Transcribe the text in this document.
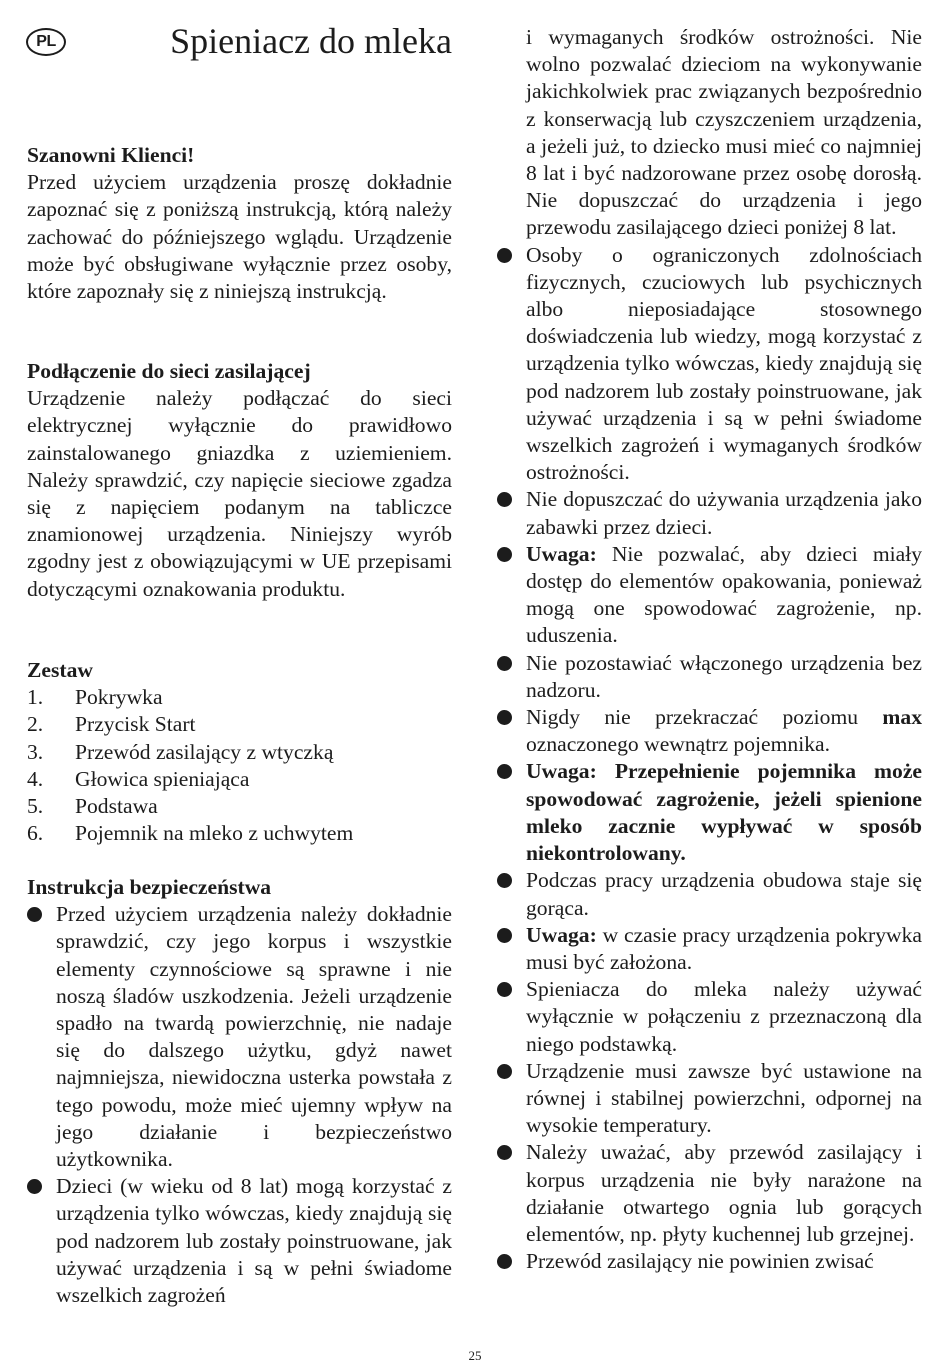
PL	Spieniacz do mleka

Szanowni Klienci!

Przed użyciem urządzenia proszę dokładnie zapoznać się z poniższą instrukcją, którą należy zachować do późniejszego wglądu. Urządzenie może być obsługiwane wyłącznie przez osoby, które zapoznały się z niniejszą instrukcją.

Podłączenie do sieci zasilającej

Urządzenie należy podłączać do sieci elektrycznej wyłącznie do prawidłowo zainstalowanego gniazdka z uziemieniem. Należy sprawdzić, czy napięcie sieciowe zgadza się z napięciem podanym na tabliczce znamionowej urządzenia. Niniejszy wyrób zgodny jest z obowiązującymi w UE przepisami dotyczącymi oznakowania produktu.

Zestaw

1.	Pokrywka
2.	Przycisk Start
3.	Przewód zasilający z wtyczką
4.	Głowica spieniająca
5.	Podstawa
6.	Pojemnik na mleko z uchwytem

Instrukcja bezpieczeństwa

Przed użyciem urządzenia należy dokładnie sprawdzić, czy jego korpus i wszystkie elementy czynnościowe są sprawne i nie noszą śladów uszkodzenia. Jeżeli urządzenie spadło na twardą powierzchnię, nie nadaje się do dalszego użytku, gdyż nawet najmniejsza, niewidoczna usterka powstała z tego powodu, może mieć ujemny wpływ na jego działanie i bezpieczeństwo użytkownika.
Dzieci (w wieku od 8 lat) mogą korzystać z urządzenia tylko wówczas, kiedy znajdują się pod nadzorem lub zostały poinstruowane, jak używać urządzenia i są w pełni świadome wszelkich zagrożeń
i wymaganych środków ostrożności. Nie wolno pozwalać dzieciom na wykonywanie jakichkolwiek prac związanych bezpośrednio z konserwacją lub czyszczeniem urządzenia, a jeżeli już, to dziecko musi mieć co najmniej 8 lat i być nadzorowane przez osobę dorosłą. Nie dopuszczać do urządzenia i jego przewodu zasilającego dzieci poniżej 8 lat.
Osoby o ograniczonych zdolnościach fizycznych, czuciowych lub psychicznych albo nieposiadające stosownego doświadczenia lub wiedzy, mogą korzystać z urządzenia tylko wówczas, kiedy znajdują się pod nadzorem lub zostały poinstruowane, jak używać urządzenia i są w pełni świadome wszelkich zagrożeń i wymaganych środków ostrożności.
Nie dopuszczać do używania urządzenia jako zabawki przez dzieci.
Uwaga: Nie pozwalać, aby dzieci miały dostęp do elementów opakowania, ponieważ mogą one spowodować zagrożenie, np. uduszenia.
Nie pozostawiać włączonego urządzenia bez nadzoru.
Nigdy nie przekraczać poziomu max oznaczonego wewnątrz pojemnika.
Uwaga: Przepełnienie pojemnika może spowodować zagrożenie, jeżeli spienione mleko zacznie wypływać w sposób niekontrolowany.
Podczas pracy urządzenia obudowa staje się gorąca.
Uwaga: w czasie pracy urządzenia pokrywka musi być założona.
Spieniacza do mleka należy używać wyłącznie w połączeniu z przeznaczoną dla niego podstawką.
Urządzenie musi zawsze być ustawione na równej i stabilnej powierzchni, odpornej na wysokie temperatury.
Należy uważać, aby przewód zasilający i korpus urządzenia nie były narażone na działanie otwartego ognia lub gorących elementów, np. płyty kuchennej lub grzejnej.
Przewód zasilający nie powinien zwisać
25
